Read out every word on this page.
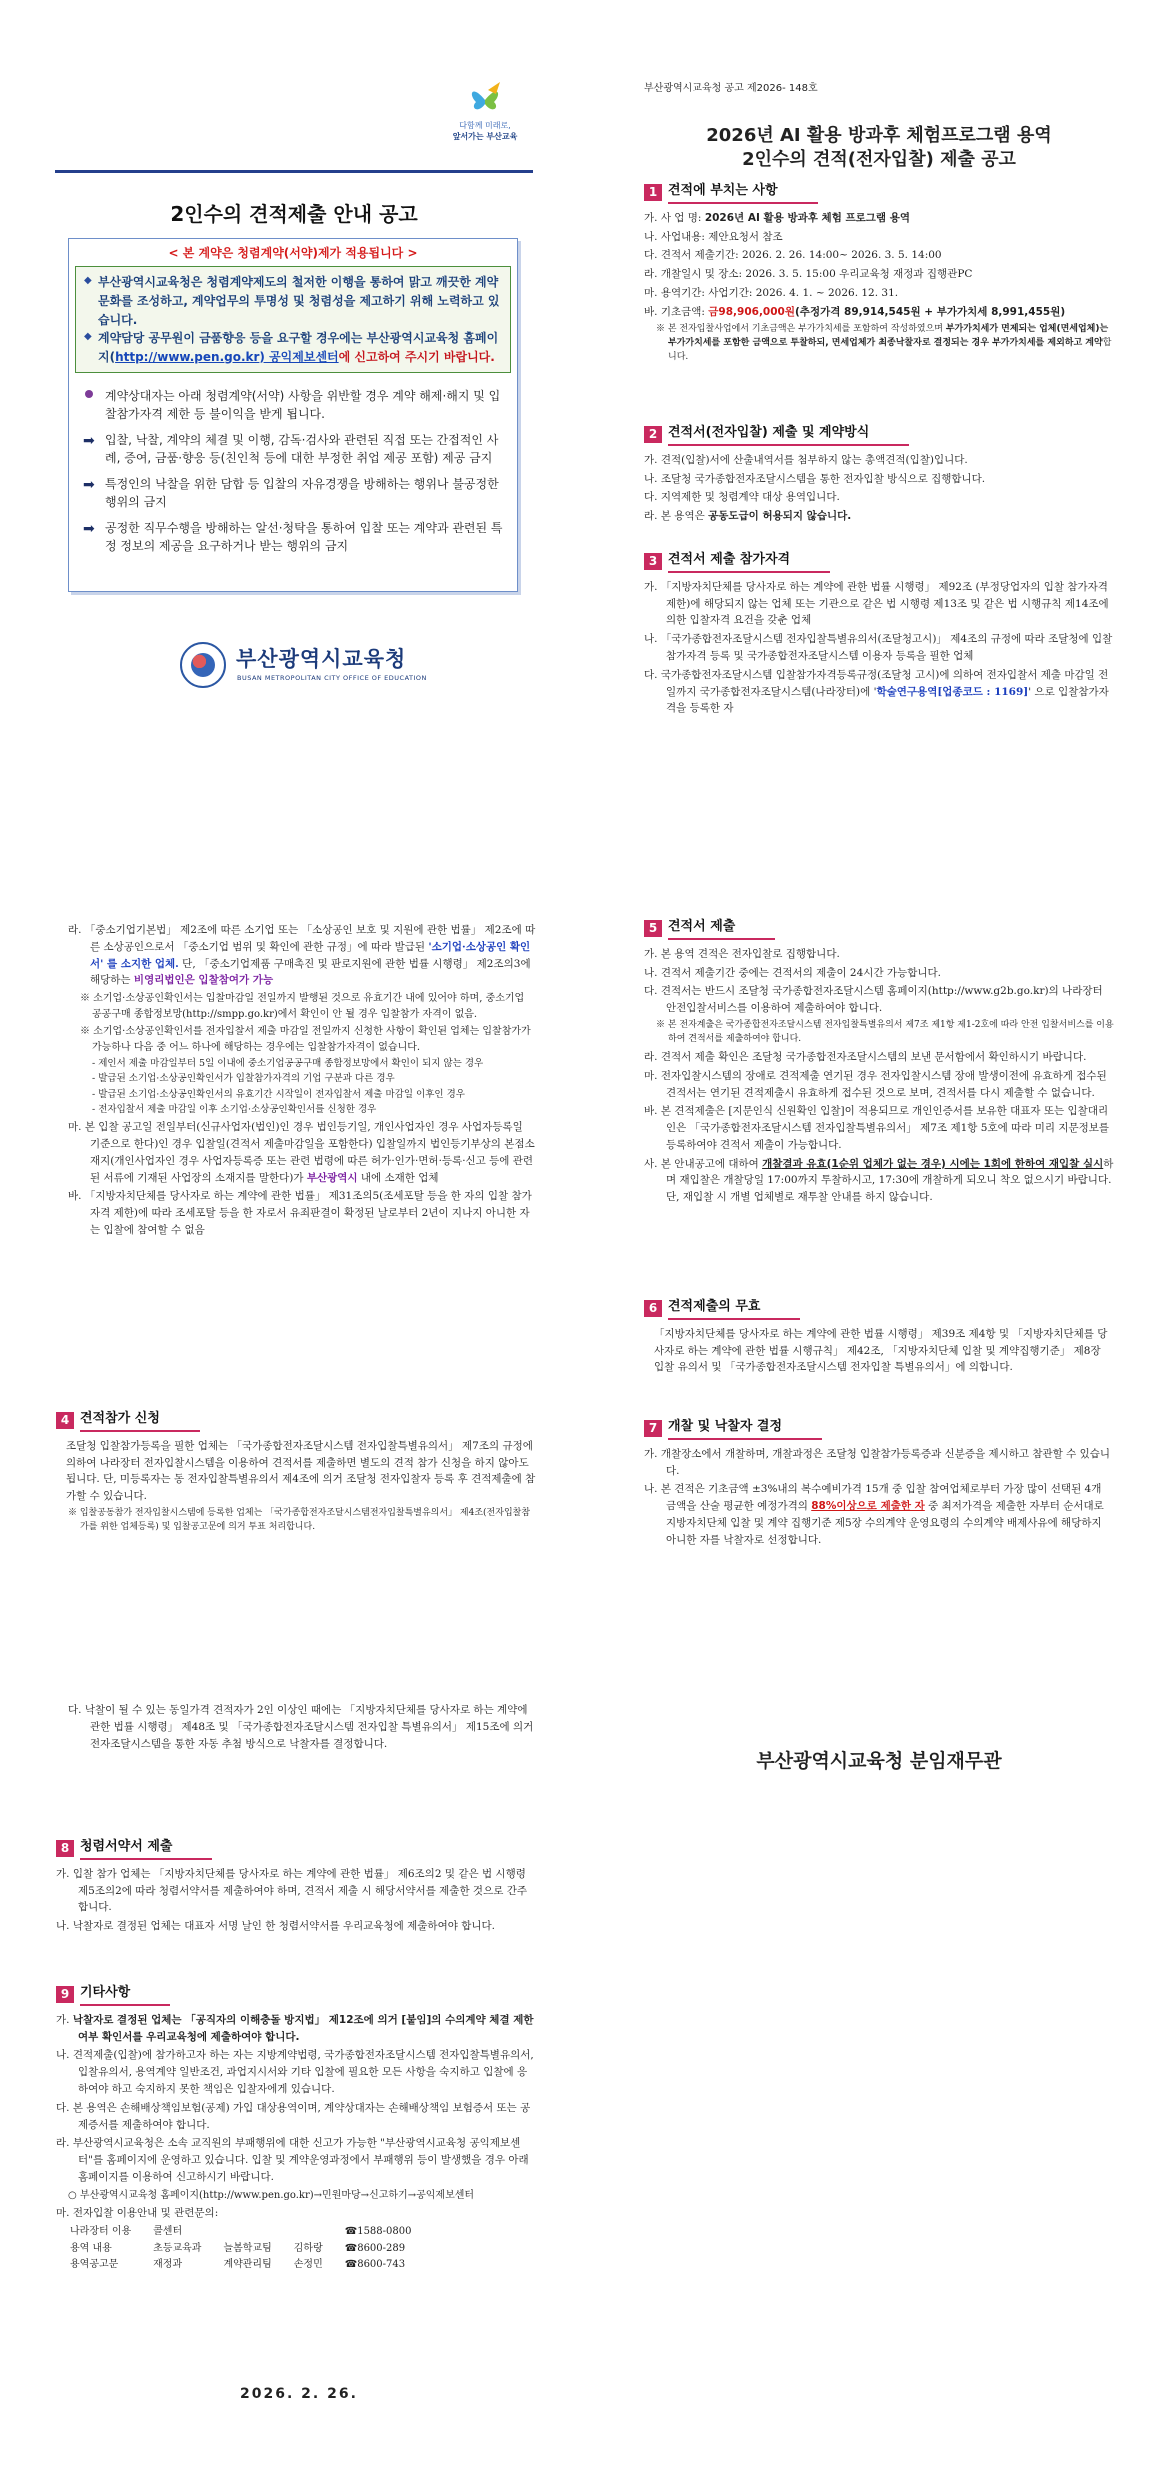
다함께 미래로,
앞서가는 부산교육
2인수의 견적제출 안내 공고
< 본 계약은 청렴계약(서약)제가 적용됩니다 >
◆ 부산광역시교육청은 청렴계약제도의 철저한 이행을 통하여 맑고 깨끗한 계약 문화를 조성하고, 계약업무의 투명성 및 청렴성을 제고하기 위해 노력하고 있습니다.
◆ 계약담당 공무원이 금품향응 등을 요구할 경우에는 부산광역시교육청 홈페이지(http://www.pen.go.kr) 공익제보센터에 신고하여 주시기 바랍니다.
계약상대자는 아래 청렴계약(서약) 사항을 위반할 경우 계약 해제·해지 및 입찰참가자격 제한 등 불이익을 받게 됩니다.
➡ 입찰, 낙찰, 계약의 체결 및 이행, 감독·검사와 관련된 직접 또는 간접적인 사례, 증여, 금품·향응 등(친인척 등에 대한 부정한 취업 제공 포함) 제공 금지
➡ 특정인의 낙찰을 위한 담합 등 입찰의 자유경쟁을 방해하는 행위나 불공정한 행위의 금지
➡ 공정한 직무수행을 방해하는 알선·청탁을 통하여 입찰 또는 계약과 관련된 특정 정보의 제공을 요구하거나 받는 행위의 금지
부산광역시교육청
BUSAN METROPOLITAN CITY OFFICE OF EDUCATION
부산광역시교육청 공고 제2026- 148호
2026년 AI 활용 방과후 체험프로그램 용역
2인수의 견적(전자입찰) 제출 공고
1 견적에 부치는 사항
가. 사 업 명: 2026년 AI 활용 방과후 체험 프로그램 용역
나. 사업내용: 제안요청서 참조
다. 견적서 제출기간: 2026. 2. 26. 14:00~ 2026. 3. 5. 14:00
라. 개찰일시 및 장소: 2026. 3. 5. 15:00 우리교육청 재정과 집행관PC
마. 용역기간: 사업기간: 2026. 4. 1. ~ 2026. 12. 31.
바. 기초금액: 금98,906,000원(추정가격 89,914,545원 + 부가가치세 8,991,455원)
※ 본 전자입찰사업에서 기초금액은 부가가치세를 포함하여 작성하였으며 부가가치세가 면제되는 업체(면세업체)는 부가가치세를 포함한 금액으로 투찰하되, 면세업체가 최종낙찰자로 결정되는 경우 부가가치세를 제외하고 계약합니다.
2 견적서(전자입찰) 제출 및 계약방식
가. 견적(입찰)서에 산출내역서를 첨부하지 않는 총액견적(입찰)입니다.
나. 조달청 국가종합전자조달시스템을 통한 전자입찰 방식으로 집행합니다.
다. 지역제한 및 청렴계약 대상 용역입니다.
라. 본 용역은 공동도급이 허용되지 않습니다.
3 견적서 제출 참가자격
가. 「지방자치단체를 당사자로 하는 계약에 관한 법률 시행령」 제92조 (부정당업자의 입찰 참가자격 제한)에 해당되지 않는 업체 또는 기관으로 같은 법 시행령 제13조 및 같은 법 시행규칙 제14조에 의한 입찰자격 요건을 갖춘 업체
나. 「국가종합전자조달시스템 전자입찰특별유의서(조달청고시)」 제4조의 규정에 따라 조달청에 입찰참가자격 등록 및 국가종합전자조달시스템 이용자 등록을 필한 업체
다. 국가종합전자조달시스템 입찰참가자격등록규정(조달청 고시)에 의하여 전자입찰서 제출 마감일 전일까지 국가종합전자조달시스템(나라장터)에 '학술연구용역[업종코드 : 1169]' 으로 입찰참가자격을 등록한 자
라. 「중소기업기본법」 제2조에 따른 소기업 또는 「소상공인 보호 및 지원에 관한 법률」 제2조에 따른 소상공인으로서 「중소기업 범위 및 확인에 관한 규정」에 따라 발급된 '소기업·소상공인 확인서' 를 소지한 업체. 단, 「중소기업제품 구매촉진 및 판로지원에 관한 법률 시행령」 제2조의3에 해당하는 비영리법인은 입찰참여가 가능
※ 소기업·소상공인확인서는 입찰마감일 전일까지 발행된 것으로 유효기간 내에 있어야 하며, 중소기업 공공구매 종합정보망(http://smpp.go.kr)에서 확인이 안 될 경우 입찰참가 자격이 없음.
※ 소기업·소상공인확인서를 전자입찰서 제출 마감일 전일까지 신청한 사항이 확인된 업체는 입찰참가가 가능하나 다음 중 어느 하나에 해당하는 경우에는 입찰참가자격이 없습니다.
- 제인서 제출 마감일부터 5일 이내에 중소기업공공구매 종합정보망에서 확인이 되지 않는 경우
- 발급된 소기업·소상공인확인서가 입찰참가자격의 기업 구분과 다른 경우
- 발급된 소기업·소상공인확인서의 유효기간 시작일이 전자입찰서 제출 마감일 이후인 경우
- 전자입찰서 제출 마감일 이후 소기업·소상공인확인서를 신청한 경우
마. 본 입찰 공고일 전일부터(신규사업자(법인)인 경우 법인등기일, 개인사업자인 경우 사업자등록일 기준으로 한다)인 경우 입찰일(견적서 제출마감일을 포함한다) 입찰일까지 법인등기부상의 본점소재지(개인사업자인 경우 사업자등록증 또는 관련 법령에 따른 허가·인가·면허·등록·신고 등에 관련된 서류에 기재된 사업장의 소재지를 말한다)가 부산광역시 내에 소재한 업체
바. 「지방자치단체를 당사자로 하는 계약에 관한 법률」 제31조의5(조세포탈 등을 한 자의 입찰 참가자격 제한)에 따라 조세포탈 등을 한 자로서 유죄판결이 확정된 날로부터 2년이 지나지 아니한 자는 입찰에 참여할 수 없음
4 견적참가 신청
조달청 입찰참가등록을 필한 업체는 「국가종합전자조달시스템 전자입찰특별유의서」 제7조의 규정에 의하여 나라장터 전자입찰시스템을 이용하여 견적서를 제출하면 별도의 견적 참가 신청을 하지 않아도 됩니다. 단, 미등록자는 동 전자입찰특별유의서 제4조에 의거 조달청 전자입찰자 등록 후 견적제출에 참가할 수 있습니다.
※ 입찰공동참가 전자입찰시스템에 등록한 업체는 「국가종합전자조달시스템전자입찰특별유의서」 제4조(전자입찰참가를 위한 업체등록) 및 입찰공고문에 의거 투표 처리합니다.
5 견적서 제출
가. 본 용역 견적은 전자입찰로 집행합니다.
나. 견적서 제출기간 중에는 견적서의 제출이 24시간 가능합니다.
다. 견적서는 반드시 조달청 국가종합전자조달시스템 홈페이지(http://www.g2b.go.kr)의 나라장터 안전입찰서비스를 이용하여 제출하여야 합니다.
※ 본 전자계출은 국가종합전자조달시스템 전자입찰특별유의서 제7조 제1항 제1-2호에 따라 안전 입찰서비스를 이용하여 견적서를 제출하여야 합니다.
라. 견적서 제출 확인은 조달청 국가종합전자조달시스템의 보낸 문서함에서 확인하시기 바랍니다.
마. 전자입찰시스템의 장애로 견적제출 연기된 경우 전자입찰시스템 장애 발생이전에 유효하게 접수된 견적서는 연기된 견적제출시 유효하게 접수된 것으로 보며, 견적서를 다시 제출할 수 없습니다.
바. 본 견적제출은 [지문인식 신원확인 입찰]이 적용되므로 개인인증서를 보유한 대표자 또는 입찰대리인은 「국가종합전자조달시스템 전자입찰특별유의서」 제7조 제1항 5호에 따라 미리 지문정보를 등록하여야 견적서 제출이 가능합니다.
사. 본 안내공고에 대하여 개찰결과 유효(1순위 업체가 없는 경우) 시에는 1회에 한하여 재입찰 실시하며 재입찰은 개찰당일 17:00까지 투찰하시고, 17:30에 개찰하게 되오니 착오 없으시기 바랍니다. 단, 재입찰 시 개별 업체별로 재투찰 안내를 하지 않습니다.
6 견적제출의 무효
「지방자치단체를 당사자로 하는 계약에 관한 법률 시행령」 제39조 제4항 및 「지방자치단체를 당사자로 하는 계약에 관한 법률 시행규칙」 제42조, 「지방자치단체 입찰 및 계약집행기준」 제8장 입찰 유의서 및 「국가종합전자조달시스템 전자입찰 특별유의서」에 의합니다.
7 개찰 및 낙찰자 결정
가. 개찰장소에서 개찰하며, 개찰과정은 조달청 입찰참가등록증과 신분증을 제시하고 참관할 수 있습니다.
나. 본 견적은 기초금액 ±3%내의 복수예비가격 15개 중 입찰 참여업체로부터 가장 많이 선택된 4개 금액을 산술 평균한 예정가격의 88%이상으로 제출한 자 중 최저가격을 제출한 자부터 순서대로 지방자치단체 입찰 및 계약 집행기준 제5장 수의계약 운영요령의 수의계약 배제사유에 해당하지 아니한 자를 낙찰자로 선정합니다.
다. 낙찰이 될 수 있는 동일가격 견적자가 2인 이상인 때에는 「지방자치단체를 당사자로 하는 계약에 관한 법률 시행령」 제48조 및 「국가종합전자조달시스템 전자입찰 특별유의서」 제15조에 의거 전자조달시스템을 통한 자동 추첨 방식으로 낙찰자를 결정합니다.
8 청렴서약서 제출
가. 입찰 참가 업체는 「지방자치단체를 당사자로 하는 계약에 관한 법률」 제6조의2 및 같은 법 시행령 제5조의2에 따라 청렴서약서를 제출하여야 하며, 견적서 제출 시 해당서약서를 제출한 것으로 간주합니다.
나. 낙찰자로 결정된 업체는 대표자 서명 날인 한 청렴서약서를 우리교육청에 제출하여야 합니다.
9 기타사항
가. 낙찰자로 결정된 업체는 「공직자의 이해충돌 방지법」 제12조에 의거 [붙임]의 수의계약 체결 제한 여부 확인서를 우리교육청에 제출하여야 합니다.
나. 견적제출(입찰)에 참가하고자 하는 자는 지방계약법령, 국가종합전자조달시스템 전자입찰특별유의서, 입찰유의서, 용역계약 일반조건, 과업지시서와 기타 입찰에 필요한 모든 사항을 숙지하고 입찰에 응하여야 하고 숙지하지 못한 책임은 입찰자에게 있습니다.
다. 본 용역은 손해배상책임보험(공제) 가입 대상용역이며, 계약상대자는 손해배상책임 보험증서 또는 공제증서를 제출하여야 합니다.
라. 부산광역시교육청은 소속 교직원의 부패행위에 대한 신고가 가능한 "부산광역시교육청 공익제보센터"를 홈페이지에 운영하고 있습니다. 입찰 및 계약운영과정에서 부패행위 등이 발생했을 경우 아래 홈페이지를 이용하여 신고하시기 바랍니다.
○ 부산광역시교육청 홈페이지(http://www.pen.go.kr)→민원마당→신고하기→공익제보센터
마. 전자입찰 이용안내 및 관련문의:
나라장터 이용	콜센터			☎1588-0800
용역 내용	초등교육과	늘봄학교팀	김하랑	☎8600-289
용역공고문	재정과	계약관리팀	손정민	☎8600-743
2026. 2. 26.
부산광역시교육청 분임재무관
